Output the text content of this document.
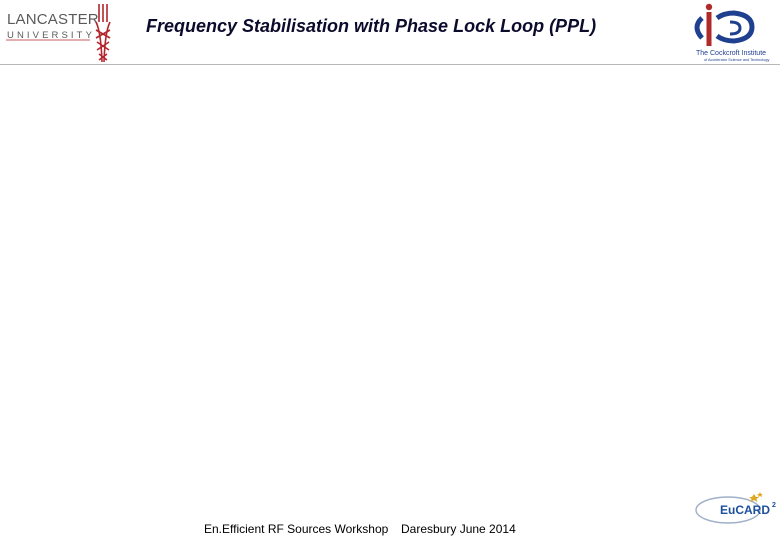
LANCASTER
UNIVERSITY	Frequency Stabilisation with Phase Lock Loop (PPL)
The Cockcroft Institute
of Accelerator Science and Technology
En.Efficient RF Sources Workshop Daresbury June 2014
EuCARD 2
